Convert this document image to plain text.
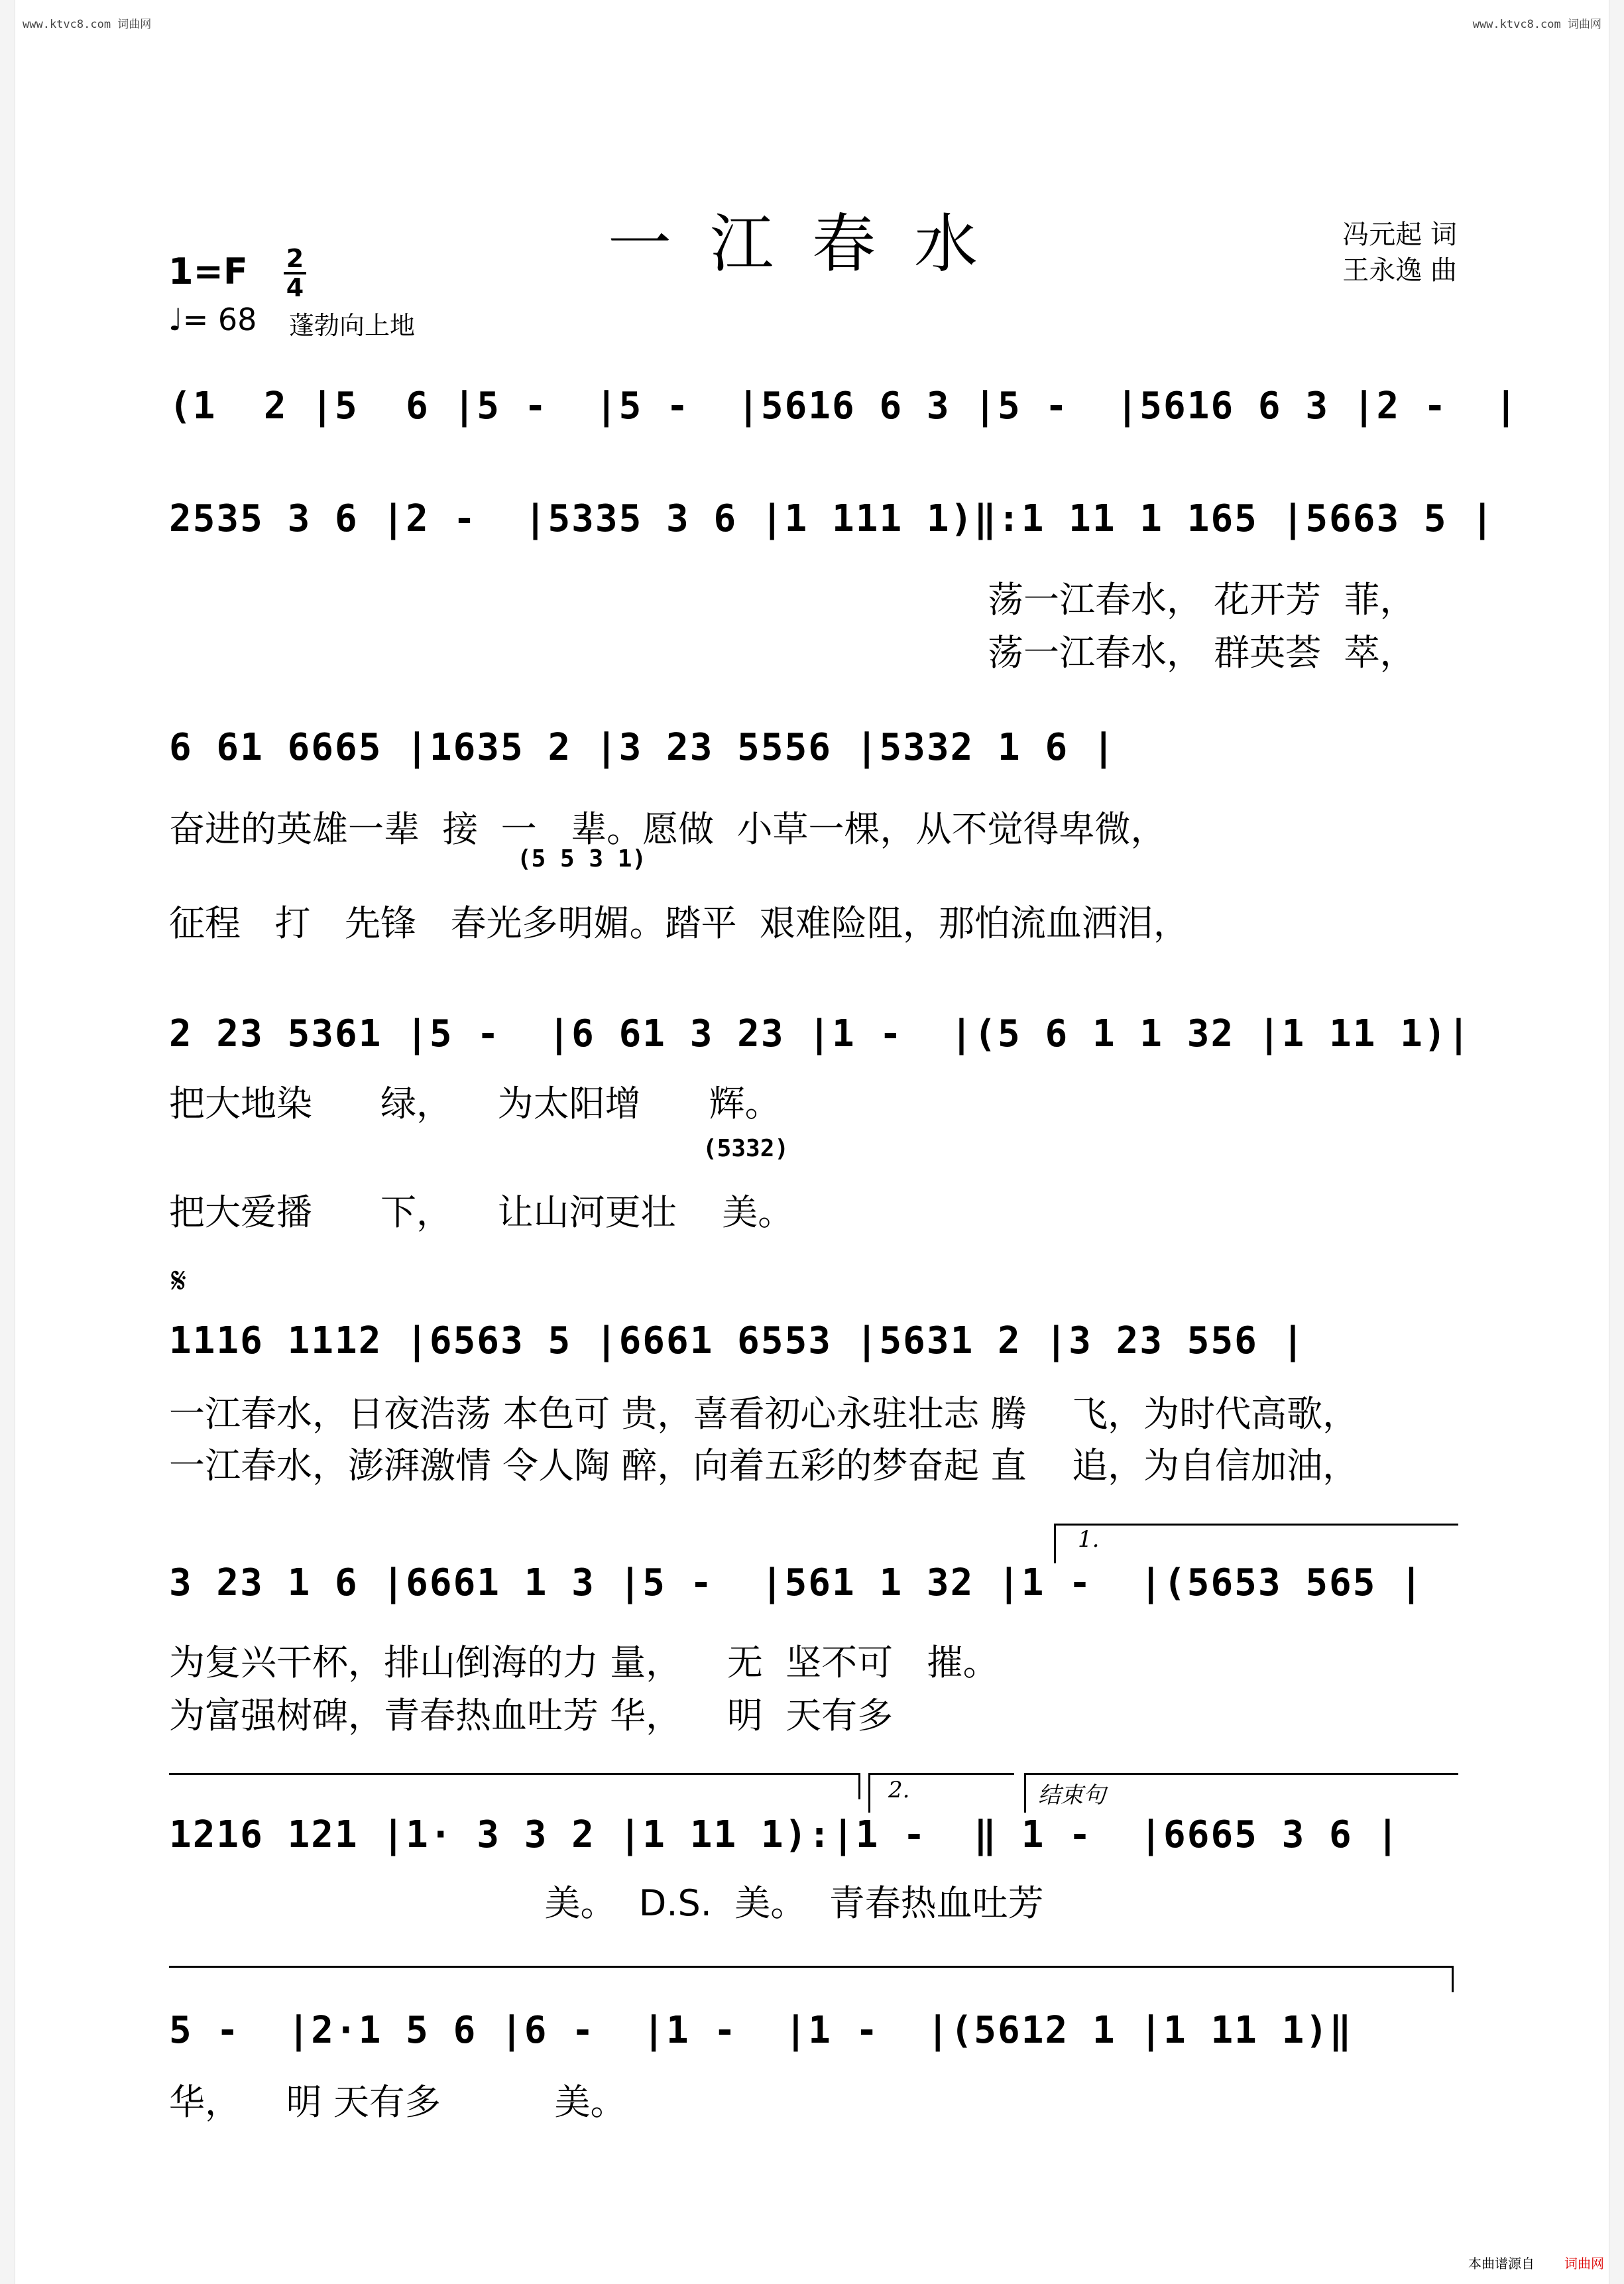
www.ktvc8.com 词曲网	www.ktvc8.com 词曲网
一江春水	冯元起 词
王永逸 曲
1=F 2
4
♩= 68 蓬勃向上地
(1  2 |5  6 |5 -  |5 -  |5616 6 3 |5 -  |5616 6 3 |2 -  |
2535 3 6 |2 -  |5335 3 6 |1 111 1)‖:1 11 1 165 |5663 5 |
荡一江春水， 花开芳  菲，
荡一江春水， 群英荟  萃，
6 61 6665 |1635 2 |3 23 5556 |5332 1 6 |
奋进的英雄一辈  接  一   辈。愿做  小草一棵，从不觉得卑微，
(5 5 3 1)
征程   打   先锋   春光多明媚。踏平  艰难险阻，那怕流血洒泪，
2 23 5361 |5 -  |6 61 3 23 |1 -  |(5 6 1 1 32 |1 11 1)|
把大地染      绿，    为太阳增      辉。
(5332)
把大爱播      下，    让山河更壮    美。
𝄋
1116 1112 |6563 5 |6661 6553 |5631 2 |3 23 556 |
一江春水，日夜浩荡 本色可 贵，喜看初心永驻壮志 腾    飞，为时代高歌，
一江春水，澎湃激情 令人陶 醉，向着五彩的梦奋起 直    追，为自信加油，
1.
3 23 1 6 |6661 1 3 |5 -  |561 1 32 |1 -  |(5653 565 |
为复兴干杯，排山倒海的力 量，    无  坚不可   摧。
为富强树碑，青春热血吐芳 华，    明  天有多
2.	结束句
1216 121 |1· 3 3 2 |1 11 1):|1 -  ‖ 1 -  |6665 3 6 |
美。  D.S.  美。  青春热血吐芳
5 -  |2·1 5 6 |6 -  |1 -  |1 -  |(5612 1 |1 11 1)‖
华，    明 天有多          美。
本曲谱源自 词曲网
